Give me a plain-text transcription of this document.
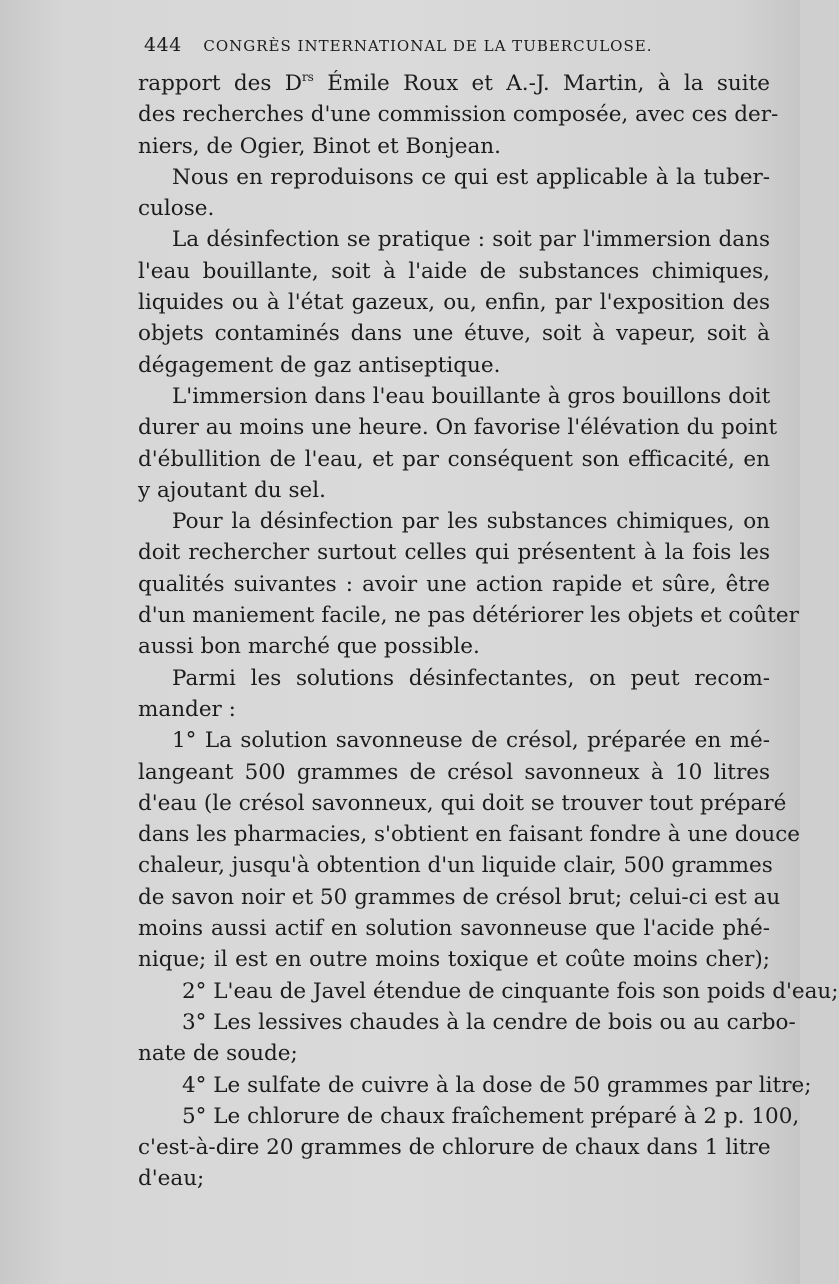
444 CONGRÈS INTERNATIONAL DE LA TUBERCULOSE.
rapport des $D^{rs}$ Émile Roux et A.-J. Martin, à la suite
des recherches d'une commission composée, avec ces der-
niers, de Ogier, Binot et Bonjean.
Nous en reproduisons ce qui est applicable à la tuber-
culose.
La désinfection se pratique : soit par l'immersion dans
l'eau bouillante, soit à l'aide de substances chimiques,
liquides ou à l'état gazeux, ou, enfin, par l'exposition des
objets contaminés dans une étuve, soit à vapeur, soit à
dégagement de gaz antiseptique.
L'immersion dans l'eau bouillante à gros bouillons doit
durer au moins une heure. On favorise l'élévation du point
d'ébullition de l'eau, et par conséquent son efficacité, en
y ajoutant du sel.
Pour la désinfection par les substances chimiques, on
doit rechercher surtout celles qui présentent à la fois les
qualités suivantes : avoir une action rapide et sûre, être
d'un maniement facile, ne pas détériorer les objets et coûter
aussi bon marché que possible.
Parmi les solutions désinfectantes, on peut recom-
mander :
1° La solution savonneuse de crésol, préparée en mé-
langeant 500 grammes de crésol savonneux à 10 litres
d'eau (le crésol savonneux, qui doit se trouver tout préparé
dans les pharmacies, s'obtient en faisant fondre à une douce
chaleur, jusqu'à obtention d'un liquide clair, 500 grammes
de savon noir et 50 grammes de crésol brut; celui-ci est au
moins aussi actif en solution savonneuse que l'acide phé-
nique; il est en outre moins toxique et coûte moins cher);
2° L'eau de Javel étendue de cinquante fois son poids d'eau;
3° Les lessives chaudes à la cendre de bois ou au carbo-
nate de soude;
4° Le sulfate de cuivre à la dose de 50 grammes par litre;
5° Le chlorure de chaux fraîchement préparé à 2 p. 100,
c'est-à-dire 20 grammes de chlorure de chaux dans 1 litre
d'eau;
